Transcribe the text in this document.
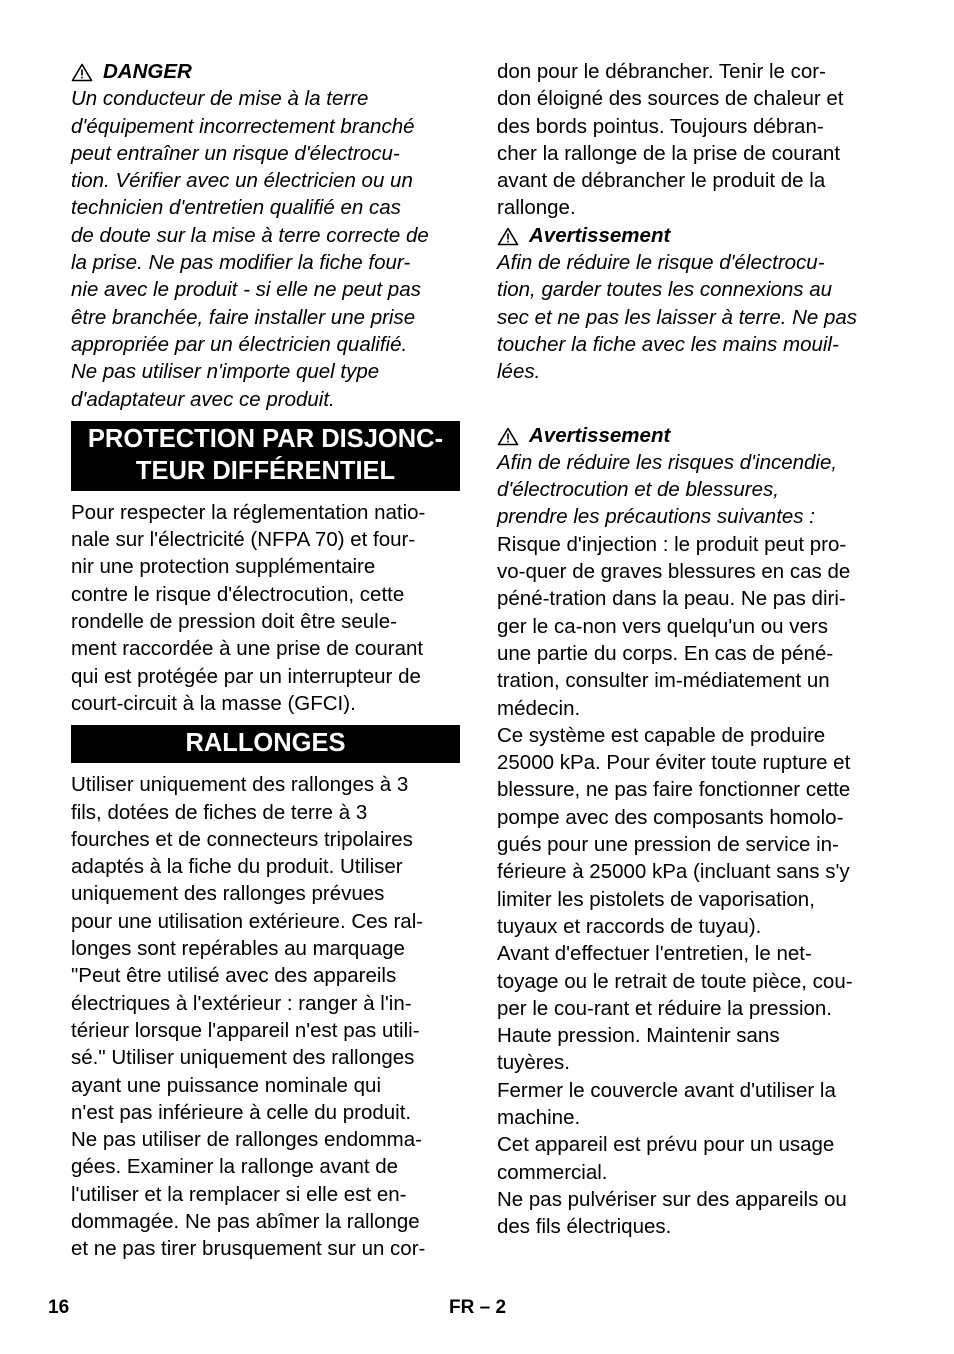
DANGER

Un conducteur de mise à la terre
d'équipement incorrectement branché
peut entraîner un risque d'électrocu-
tion. Vérifier avec un électricien ou un
technicien d'entretien qualifié en cas
de doute sur la mise à terre correcte de
la prise. Ne pas modifier la fiche four-
nie avec le produit - si elle ne peut pas
être branchée, faire installer une prise
appropriée par un électricien qualifié.
Ne pas utiliser n'importe quel type
d'adaptateur avec ce produit.

PROTECTION PAR DISJONC-
TEUR DIFFÉRENTIEL

Pour respecter la réglementation natio-
nale sur l'électricité (NFPA 70) et four-
nir une protection supplémentaire
contre le risque d'électrocution, cette
rondelle de pression doit être seule-
ment raccordée à une prise de courant
qui est protégée par un interrupteur de
court-circuit à la masse (GFCI).

RALLONGES

Utiliser uniquement des rallonges à 3
fils, dotées de fiches de terre à 3
fourches et de connecteurs tripolaires
adaptés à la fiche du produit. Utiliser
uniquement des rallonges prévues
pour une utilisation extérieure. Ces ral-
longes sont repérables au marquage
"Peut être utilisé avec des appareils
électriques à l'extérieur : ranger à l'in-
térieur lorsque l'appareil n'est pas utili-
sé." Utiliser uniquement des rallonges
ayant une puissance nominale qui
n'est pas inférieure à celle du produit.
Ne pas utiliser de rallonges endomma-
gées. Examiner la rallonge avant de
l'utiliser et la remplacer si elle est en-
dommagée. Ne pas abîmer la rallonge
et ne pas tirer brusquement sur un cor-

don pour le débrancher. Tenir le cor-
don éloigné des sources de chaleur et
des bords pointus. Toujours débran-
cher la rallonge de la prise de courant
avant de débrancher le produit de la
rallonge.

Avertissement

Afin de réduire le risque d'électrocu-
tion, garder toutes les connexions au
sec et ne pas les laisser à terre. Ne pas
toucher la fiche avec les mains mouil-
lées.

Avertissement

Afin de réduire les risques d'incendie,
d'électrocution et de blessures,
prendre les précautions suivantes :

Risque d'injection : le produit peut pro-
vo-quer de graves blessures en cas de
péné-tration dans la peau. Ne pas diri-
ger le ca-non vers quelqu'un ou vers
une partie du corps. En cas de péné-
tration, consulter im-médiatement un
médecin.
Ce système est capable de produire
25000 kPa. Pour éviter toute rupture et
blessure, ne pas faire fonctionner cette
pompe avec des composants homolo-
gués pour une pression de service in-
férieure à 25000 kPa (incluant sans s'y
limiter les pistolets de vaporisation,
tuyaux et raccords de tuyau).
Avant d'effectuer l'entretien, le net-
toyage ou le retrait de toute pièce, cou-
per le cou-rant et réduire la pression.
Haute pression. Maintenir sans
tuyères.
Fermer le couvercle avant d'utiliser la
machine.
Cet appareil est prévu pour un usage
commercial.
Ne pas pulvériser sur des appareils ou
des fils électriques.

16	FR – 2
